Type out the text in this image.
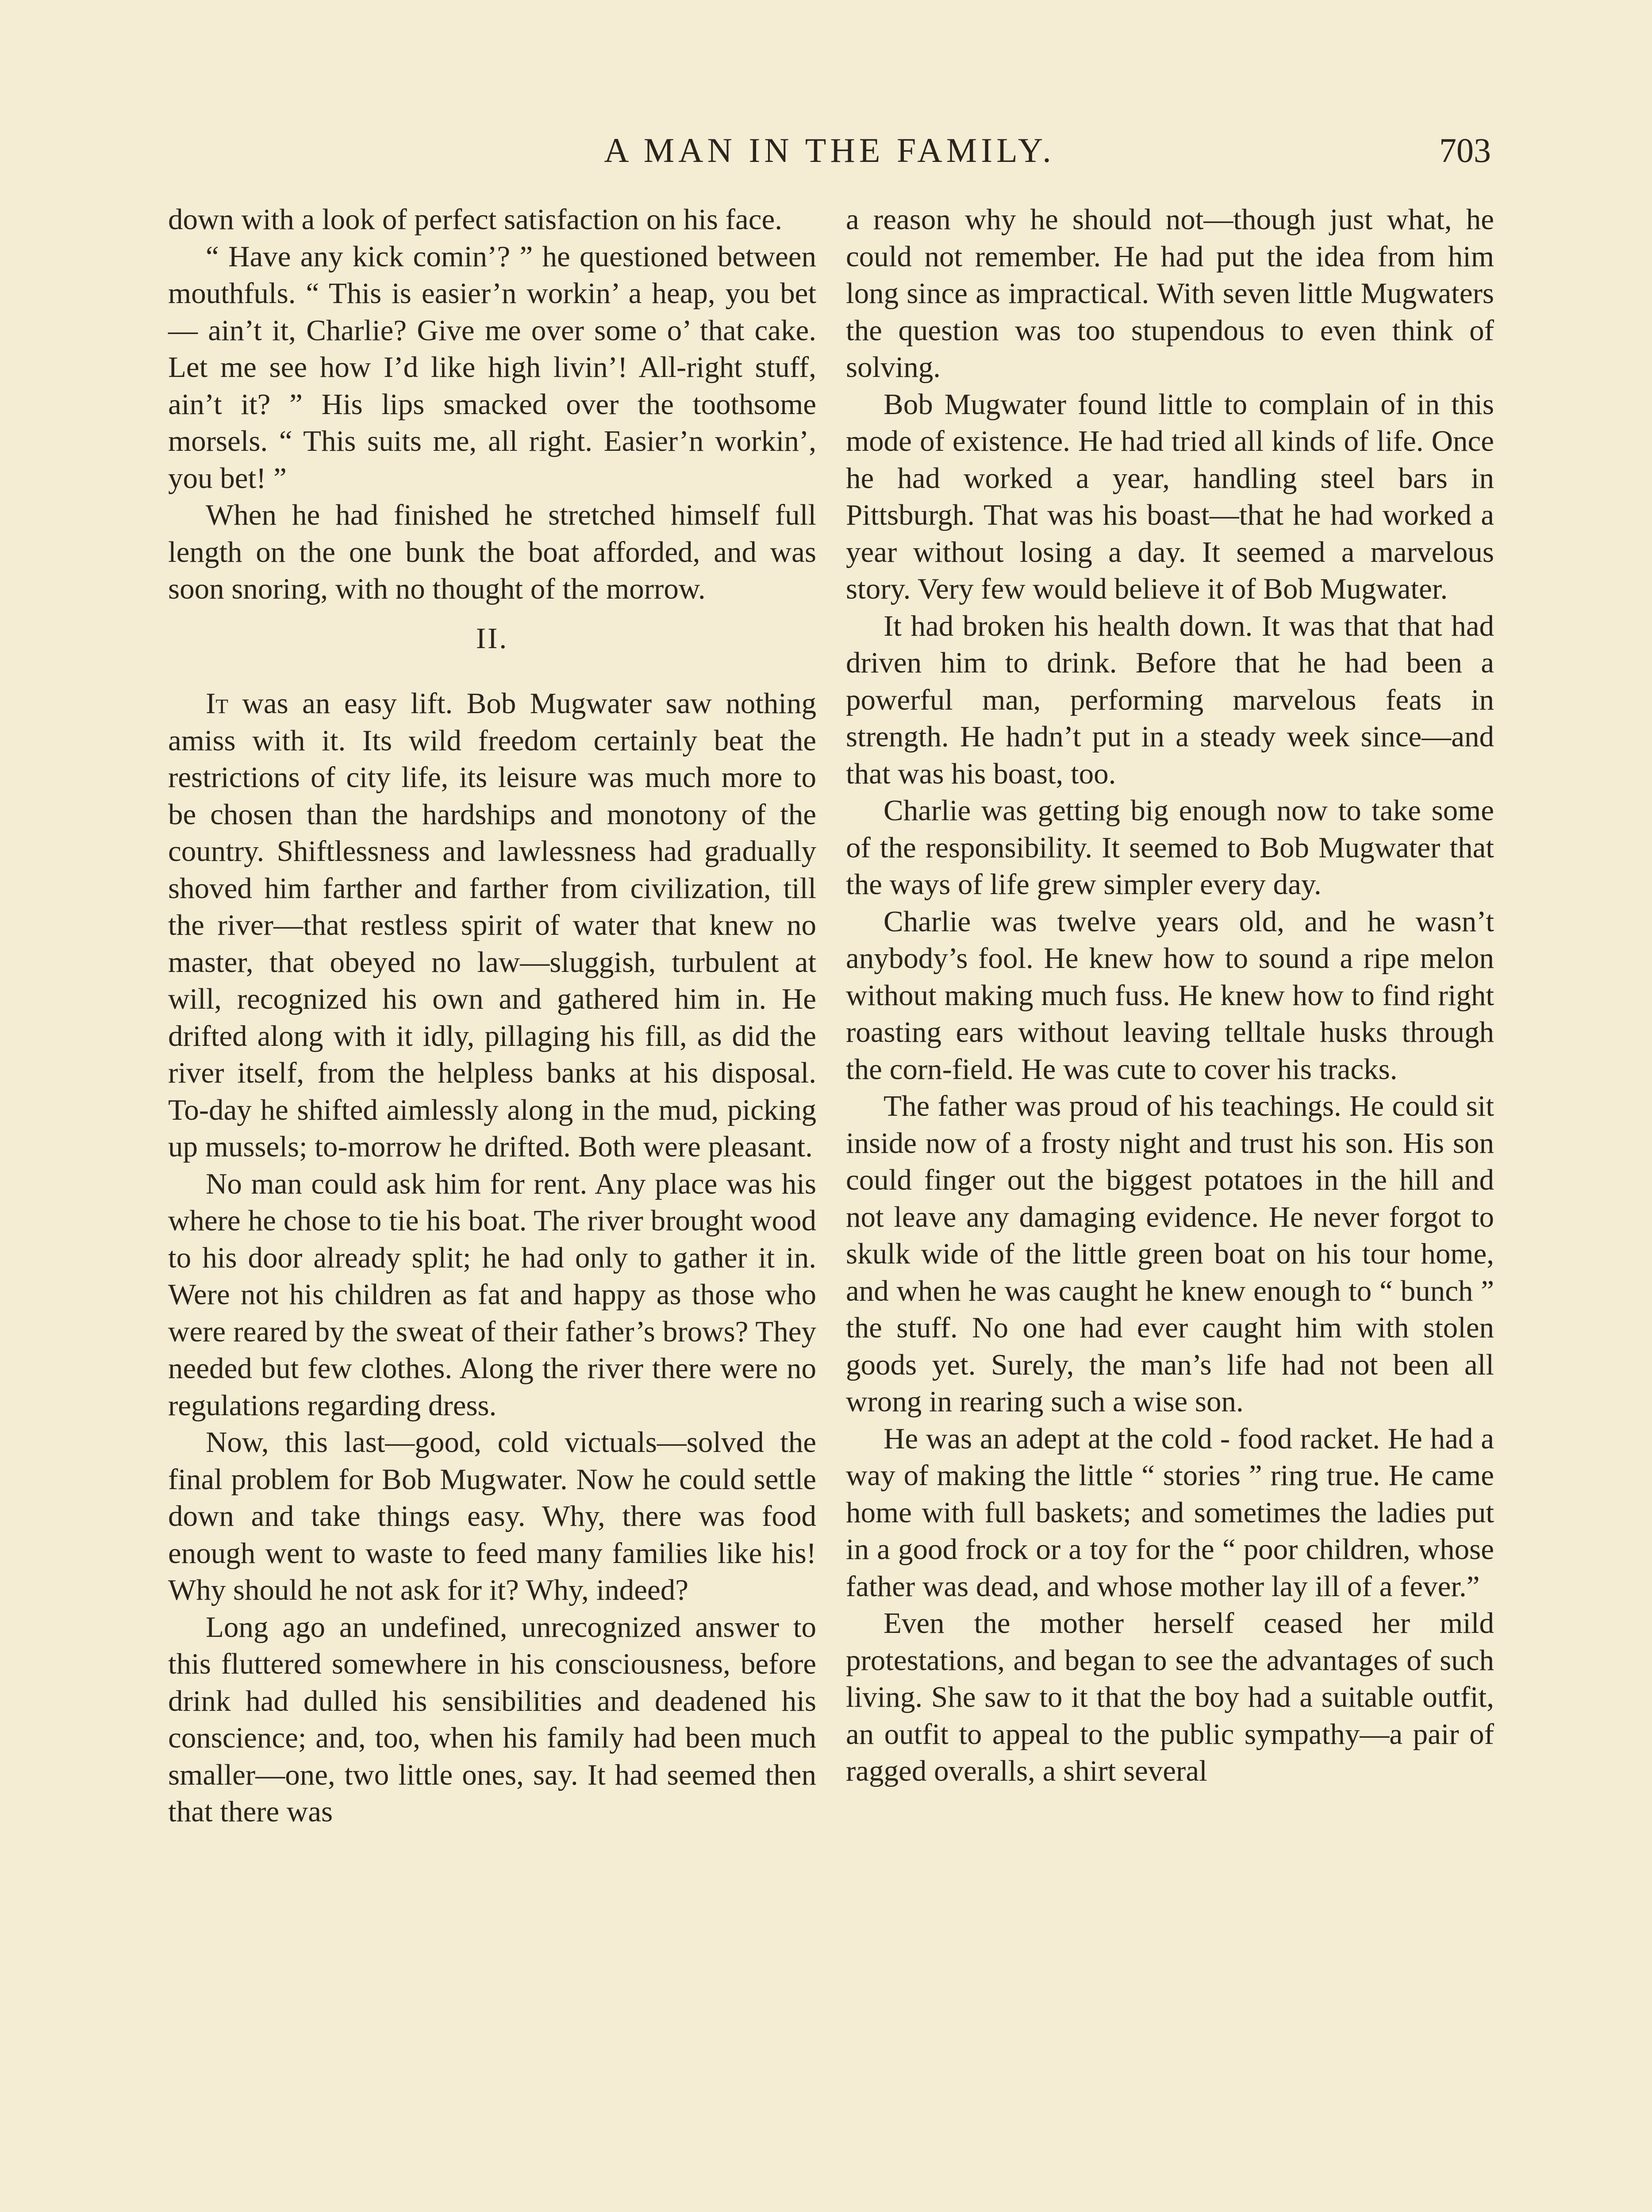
A MAN IN THE FAMILY.	703

down with a look of perfect satisfaction on his face.

“ Have any kick comin’? ” he questioned between mouthfuls. “ This is easier’n workin’ a heap, you bet — ain’t it, Charlie? Give me over some o’ that cake. Let me see how I’d like high livin’! All-right stuff, ain’t it? ” His lips smacked over the toothsome morsels. “ This suits me, all right. Easier’n workin’, you bet! ”

When he had finished he stretched himself full length on the one bunk the boat afforded, and was soon snoring, with no thought of the morrow.

II.

It was an easy lift. Bob Mugwater saw nothing amiss with it. Its wild freedom certainly beat the restrictions of city life, its leisure was much more to be chosen than the hardships and monotony of the country. Shiftlessness and lawlessness had gradually shoved him farther and farther from civilization, till the river—that restless spirit of water that knew no master, that obeyed no law—sluggish, turbulent at will, recognized his own and gathered him in. He drifted along with it idly, pillaging his fill, as did the river itself, from the helpless banks at his disposal. To-day he shifted aimlessly along in the mud, picking up mussels; to-morrow he drifted. Both were pleasant.

No man could ask him for rent. Any place was his where he chose to tie his boat. The river brought wood to his door already split; he had only to gather it in. Were not his children as fat and happy as those who were reared by the sweat of their father’s brows? They needed but few clothes. Along the river there were no regulations regarding dress.

Now, this last—good, cold victuals—solved the final problem for Bob Mugwater. Now he could settle down and take things easy. Why, there was food enough went to waste to feed many families like his! Why should he not ask for it? Why, indeed?

Long ago an undefined, unrecognized answer to this fluttered somewhere in his consciousness, before drink had dulled his sensibilities and deadened his conscience; and, too, when his family had been much smaller—one, two little ones, say. It had seemed then that there was

a reason why he should not—though just what, he could not remember. He had put the idea from him long since as impractical. With seven little Mugwaters the question was too stupendous to even think of solving.

Bob Mugwater found little to complain of in this mode of existence. He had tried all kinds of life. Once he had worked a year, handling steel bars in Pittsburgh. That was his boast—that he had worked a year without losing a day. It seemed a marvelous story. Very few would believe it of Bob Mugwater.

It had broken his health down. It was that that had driven him to drink. Before that he had been a powerful man, performing marvelous feats in strength. He hadn’t put in a steady week since—and that was his boast, too.

Charlie was getting big enough now to take some of the responsibility. It seemed to Bob Mugwater that the ways of life grew simpler every day.

Charlie was twelve years old, and he wasn’t anybody’s fool. He knew how to sound a ripe melon without making much fuss. He knew how to find right roasting ears without leaving telltale husks through the corn-field. He was cute to cover his tracks.

The father was proud of his teachings. He could sit inside now of a frosty night and trust his son. His son could finger out the biggest potatoes in the hill and not leave any damaging evidence. He never forgot to skulk wide of the little green boat on his tour home, and when he was caught he knew enough to “ bunch ” the stuff. No one had ever caught him with stolen goods yet. Surely, the man’s life had not been all wrong in rearing such a wise son.

He was an adept at the cold - food racket. He had a way of making the little “ stories ” ring true. He came home with full baskets; and sometimes the ladies put in a good frock or a toy for the “ poor children, whose father was dead, and whose mother lay ill of a fever.”

Even the mother herself ceased her mild protestations, and began to see the advantages of such living. She saw to it that the boy had a suitable outfit, an outfit to appeal to the public sympathy—a pair of ragged overalls, a shirt several
